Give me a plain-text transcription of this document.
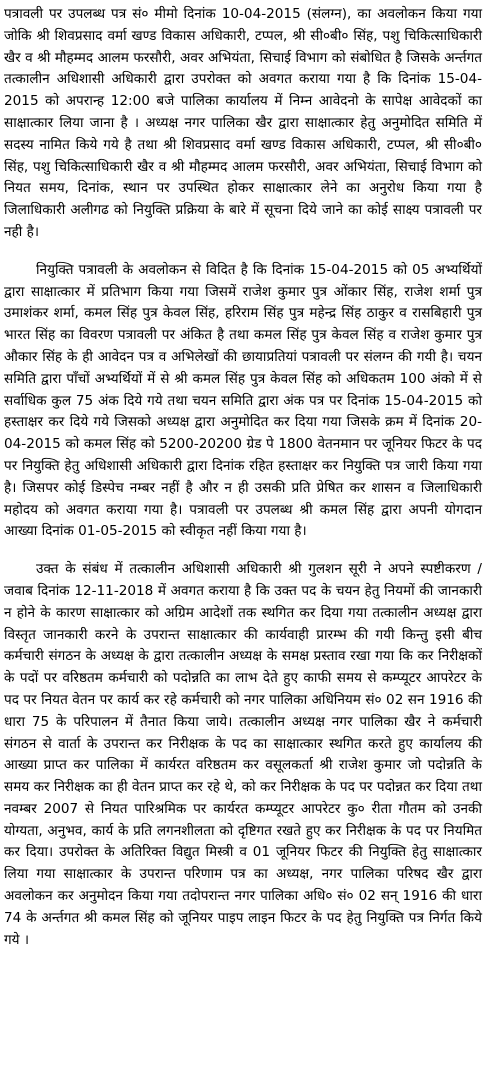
पत्रावली पर उपलब्ध पत्र सं० मीमो दिनांक 10-04-2015 (संलग्न), का अवलोकन किया गया जोकि श्री शिवप्रसाद वर्मा खण्ड विकास अधिकारी, टप्पल, श्री सी०बी० सिंह, पशु चिकित्साधिकारी खैर व श्री मौहम्मद आलम फरसौरी, अवर अभियंता, सिचाई विभाग को संबोधित है जिसके अर्न्तगत तत्कालीन अधिशासी अधिकारी द्वारा उपरोक्त को अवगत कराया गया है कि दिनांक 15-04-2015 को अपरान्ह 12:00 बजे पालिका कार्यालय में निम्न आवेदनो के सापेक्ष आवेदकों का साक्षात्कार लिया जाना है । अध्यक्ष नगर पालिका खैर द्वारा साक्षात्कार हेतु अनुमोदित समिति में सदस्य नामित किये गये है तथा श्री शिवप्रसाद वर्मा खण्ड विकास अधिकारी, टप्पल, श्री सी०बी० सिंह, पशु चिकित्साधिकारी खैर व श्री मौहम्मद आलम फरसौरी, अवर अभियंता, सिचाई विभाग को नियत समय, दिनांक, स्थान पर उपस्थित होकर साक्षात्कार लेने का अनुरोध किया गया है जिलाधिकारी अलीगढ को नियुक्ति प्रक्रिया के बारे में सूचना दिये जाने का कोई साक्ष्य पत्रावली पर नही है।

नियुक्ति पत्रावली के अवलोकन से विदित है कि दिनांक 15-04-2015 को 05 अभ्यर्थियों द्वारा साक्षात्कार में प्रतिभाग किया गया जिसमें राजेश कुमार पुत्र ओंकार सिंह, राजेश शर्मा पुत्र उमाशंकर शर्मा, कमल सिंह पुत्र केवल सिंह, हरिराम सिंह पुत्र महेन्द्र सिंह ठाकुर व रासबिहारी पुत्र भारत सिंह का विवरण पत्रावली पर अंकित है तथा कमल सिंह पुत्र केवल सिंह व राजेश कुमार पुत्र औकार सिंह के ही आवेदन पत्र व अभिलेखों की छायाप्रतियां पत्रावली पर संलग्न की गयी है। चयन समिति द्वारा पाँचों अभ्यर्थियों में से श्री कमल सिंह पुत्र केवल सिंह को अधिकतम 100 अंको में से सर्वाधिक कुल 75 अंक दिये गये तथा चयन समिति द्वारा अंक पत्र पर दिनांक 15-04-2015 को हस्ताक्षर कर दिये गये जिसको अध्यक्ष द्वारा अनुमोदित कर दिया गया जिसके क्रम में दिनांक 20-04-2015 को कमल सिंह को 5200-20200 ग्रेड पे 1800 वेतनमान पर जूनियर फिटर के पद पर नियुक्ति हेतु अधिशासी अधिकारी द्वारा दिनांक रहित हस्ताक्षर कर नियुक्ति पत्र जारी किया गया है। जिसपर कोई डिस्पेच नम्बर नहीं है और न ही उसकी प्रति प्रेषित कर शासन व जिलाधिकारी महोदय को अवगत कराया गया है। पत्रावली पर उपलब्ध श्री कमल सिंह द्वारा अपनी योगदान आख्या दिनांक 01-05-2015 को स्वीकृत नहीं किया गया है।

उक्त के संबंध में तत्कालीन अधिशासी अधिकारी श्री गुलशन सूरी ने अपने स्पष्टीकरण / जवाब दिनांक 12-11-2018 में अवगत कराया है कि उक्त पद के चयन हेतु नियमों की जानकारी न होने के कारण साक्षात्कार को अग्रिम आदेशों तक स्थगित कर दिया गया तत्कालीन अध्यक्ष द्वारा विस्तृत जानकारी करने के उपरान्त साक्षात्कार की कार्यवाही प्रारम्भ की गयी किन्तु इसी बीच कर्मचारी संगठन के अध्यक्ष के द्वारा तत्कालीन अध्यक्ष के समक्ष प्रस्ताव रखा गया कि कर निरीक्षकों के पदों पर वरिष्ठतम कर्मचारी को पदोन्नति का लाभ देते हुए काफी समय से कम्प्यूटर आपरेटर के पद पर नियत वेतन पर कार्य कर रहे कर्मचारी को नगर पालिका अधिनियम सं० 02 सन 1916 की धारा 75 के परिपालन में तैनात किया जाये। तत्कालीन अध्यक्ष नगर पालिका खैर ने कर्मचारी संगठन से वार्ता के उपरान्त कर निरीक्षक के पद का साक्षात्कार स्थगित करते हुए कार्यालय की आख्या प्राप्त कर पालिका में कार्यरत वरिष्ठतम कर वसूलकर्ता श्री राजेश कुमार जो पदोन्नति के समय कर निरीक्षक का ही वेतन प्राप्त कर रहे थे, को कर निरीक्षक के पद पर पदोन्नत कर दिया तथा नवम्बर 2007 से नियत पारिश्रमिक पर कार्यरत कम्प्यूटर आपरेटर कु० रीता गौतम को उनकी योग्यता, अनुभव, कार्य के प्रति लगनशीलता को दृष्टिगत रखते हुए कर निरीक्षक के पद पर नियमित कर दिया। उपरोक्त के अतिरिक्त विद्युत मिस्त्री व 01 जूनियर फिटर की नियुक्ति हेतु साक्षात्कार लिया गया साक्षात्कार के उपरान्त परिणाम पत्र का अध्यक्ष, नगर पालिका परिषद खैर द्वारा अवलोकन कर अनुमोदन किया गया तदोपरान्त नगर पालिका अधि० सं० 02 सन् 1916 की धारा 74 के अर्न्तगत श्री कमल सिंह को जूनियर पाइप लाइन फिटर के पद हेतु नियुक्ति पत्र निर्गत किये गये ।
